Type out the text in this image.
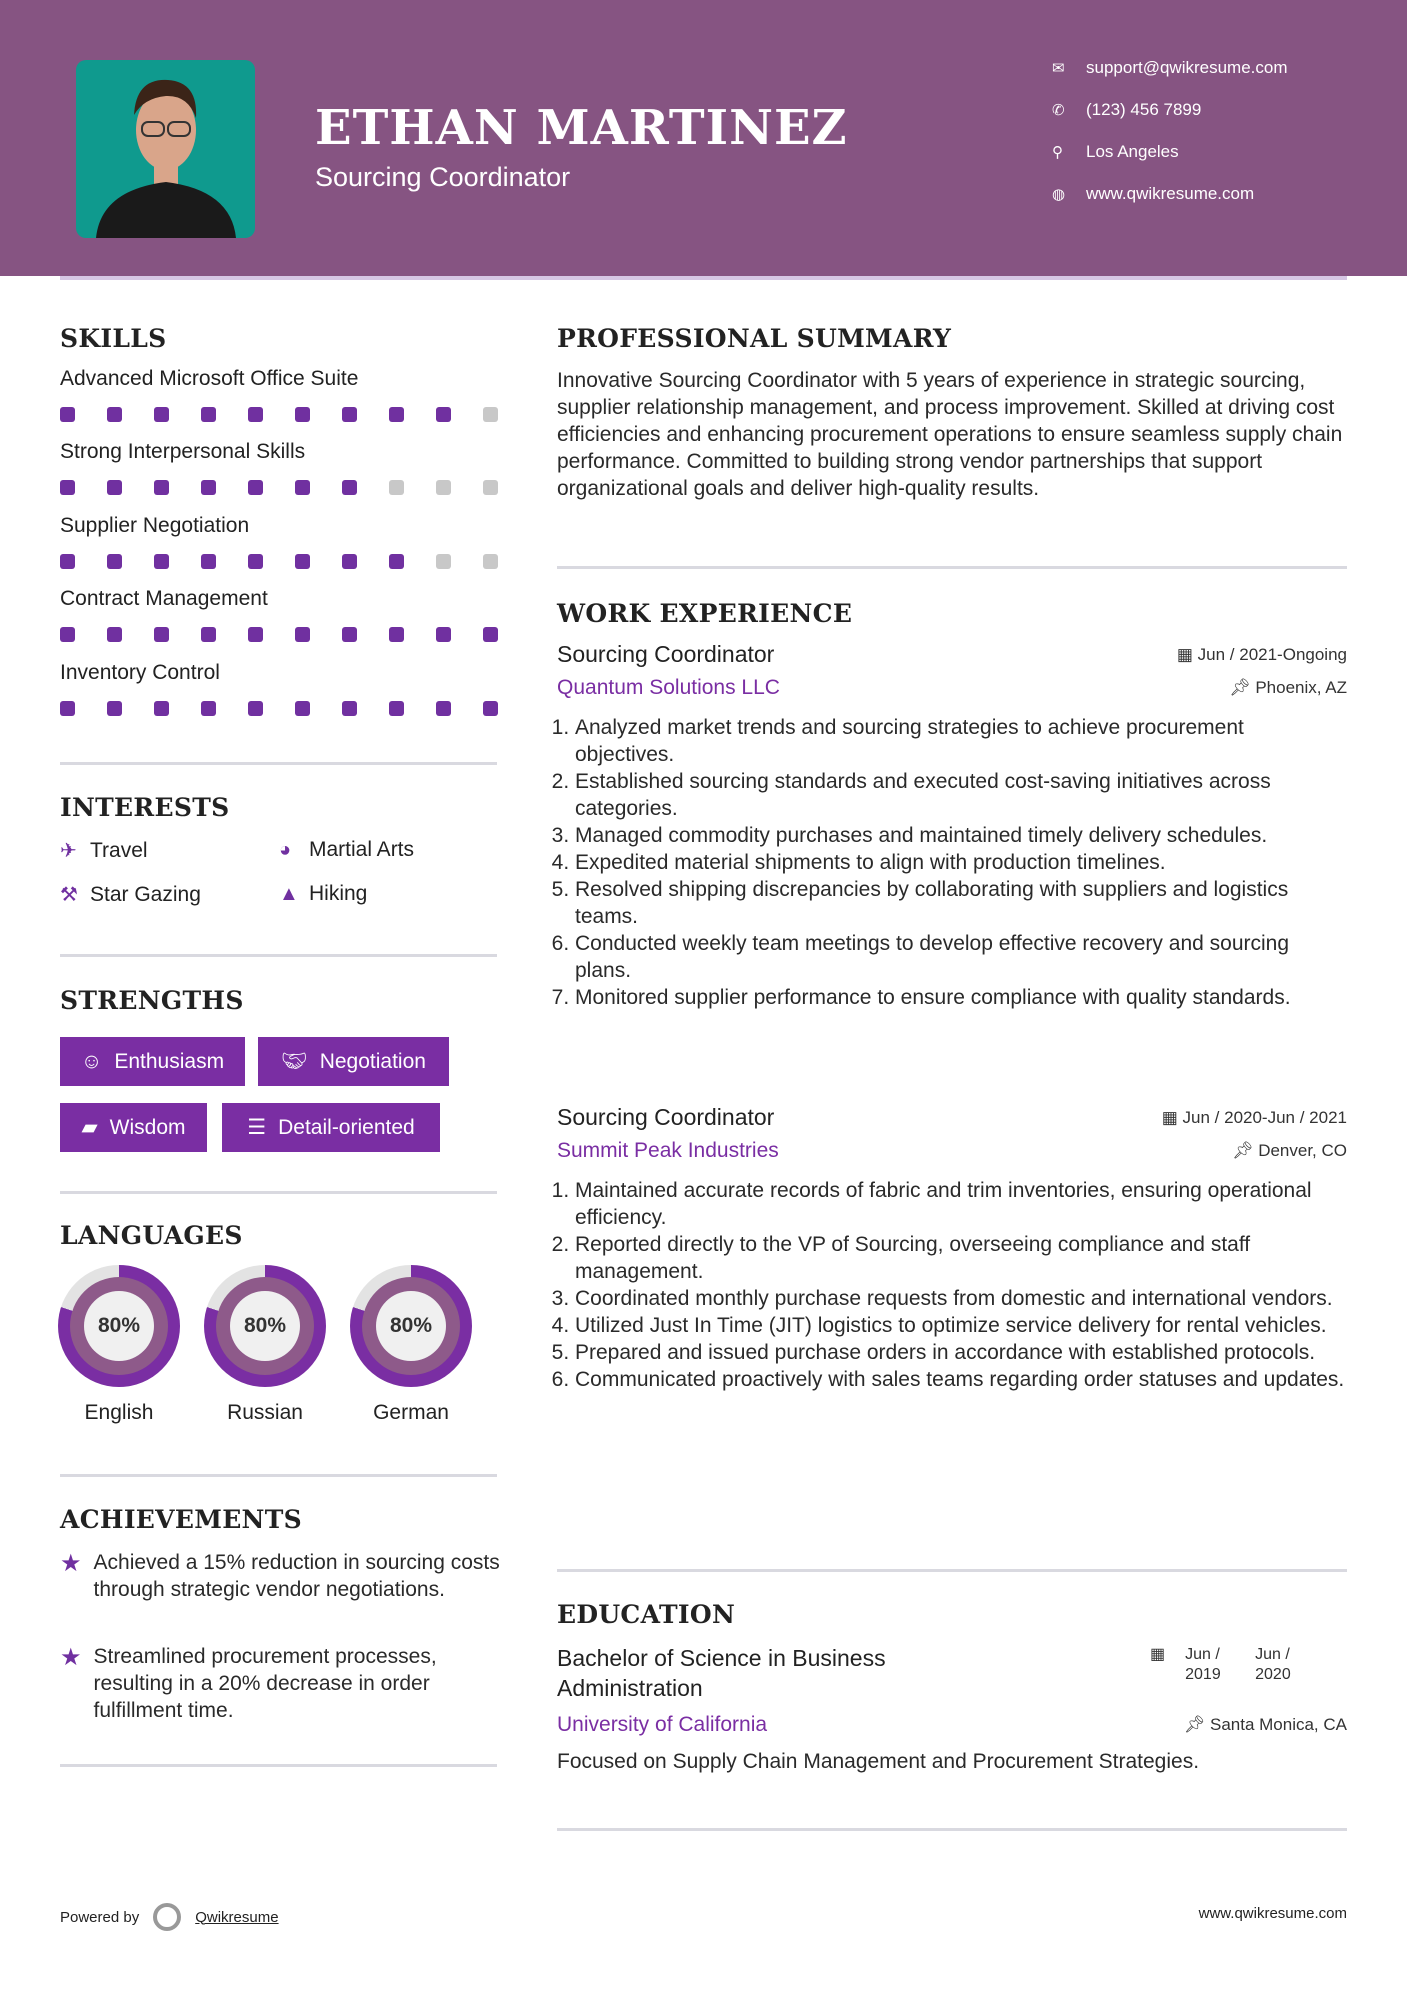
ETHAN MARTINEZ
Sourcing Coordinator
✉	support@qwikresume.com
✆	(123) 456 7899
⚲	Los Angeles
◍	www.qwikresume.com
SKILLS
Advanced Microsoft Office Suite
Strong Interpersonal Skills
Supplier Negotiation
Contract Management
Inventory Control
INTERESTS
✈ Travel	◕ Martial Arts
⚒ Star Gazing	▲ Hiking
STRENGTHS
☺ Enthusiasm	🤝︎ Negotiation
▰ Wisdom	☰ Detail-oriented
LANGUAGES
80%
English
80%
Russian
80%
German
ACHIEVEMENTS
★ Achieved a 15% reduction in sourcing costs through strategic vendor negotiations.
★ Streamlined procurement processes, resulting in a 20% decrease in order fulfillment time.
PROFESSIONAL SUMMARY
Innovative Sourcing Coordinator with 5 years of experience in strategic sourcing, supplier relationship management, and process improvement. Skilled at driving cost efficiencies and enhancing procurement operations to ensure seamless supply chain performance. Committed to building strong vendor partnerships that support organizational goals and deliver high-quality results.
WORK EXPERIENCE
Sourcing Coordinator	▦ Jun / 2021-Ongoing
Quantum Solutions LLC	📌︎ Phoenix, AZ
1. Analyzed market trends and sourcing strategies to achieve procurement objectives.
2. Established sourcing standards and executed cost-saving initiatives across categories.
3. Managed commodity purchases and maintained timely delivery schedules.
4. Expedited material shipments to align with production timelines.
5. Resolved shipping discrepancies by collaborating with suppliers and logistics teams.
6. Conducted weekly team meetings to develop effective recovery and sourcing plans.
7. Monitored supplier performance to ensure compliance with quality standards.
Sourcing Coordinator	▦ Jun / 2020-Jun / 2021
Summit Peak Industries	📌︎ Denver, CO
1. Maintained accurate records of fabric and trim inventories, ensuring operational efficiency.
2. Reported directly to the VP of Sourcing, overseeing compliance and staff management.
3. Coordinated monthly purchase requests from domestic and international vendors.
4. Utilized Just In Time (JIT) logistics to optimize service delivery for rental vehicles.
5. Prepared and issued purchase orders in accordance with established protocols.
6. Communicated proactively with sales teams regarding order statuses and updates.
EDUCATION
Bachelor of Science in Business Administration
▦ Jun / 2019
Jun / 2020
University of California	📌︎ Santa Monica, CA
Focused on Supply Chain Management and Procurement Strategies.
Powered by	Qwikresume	www.qwikresume.com
